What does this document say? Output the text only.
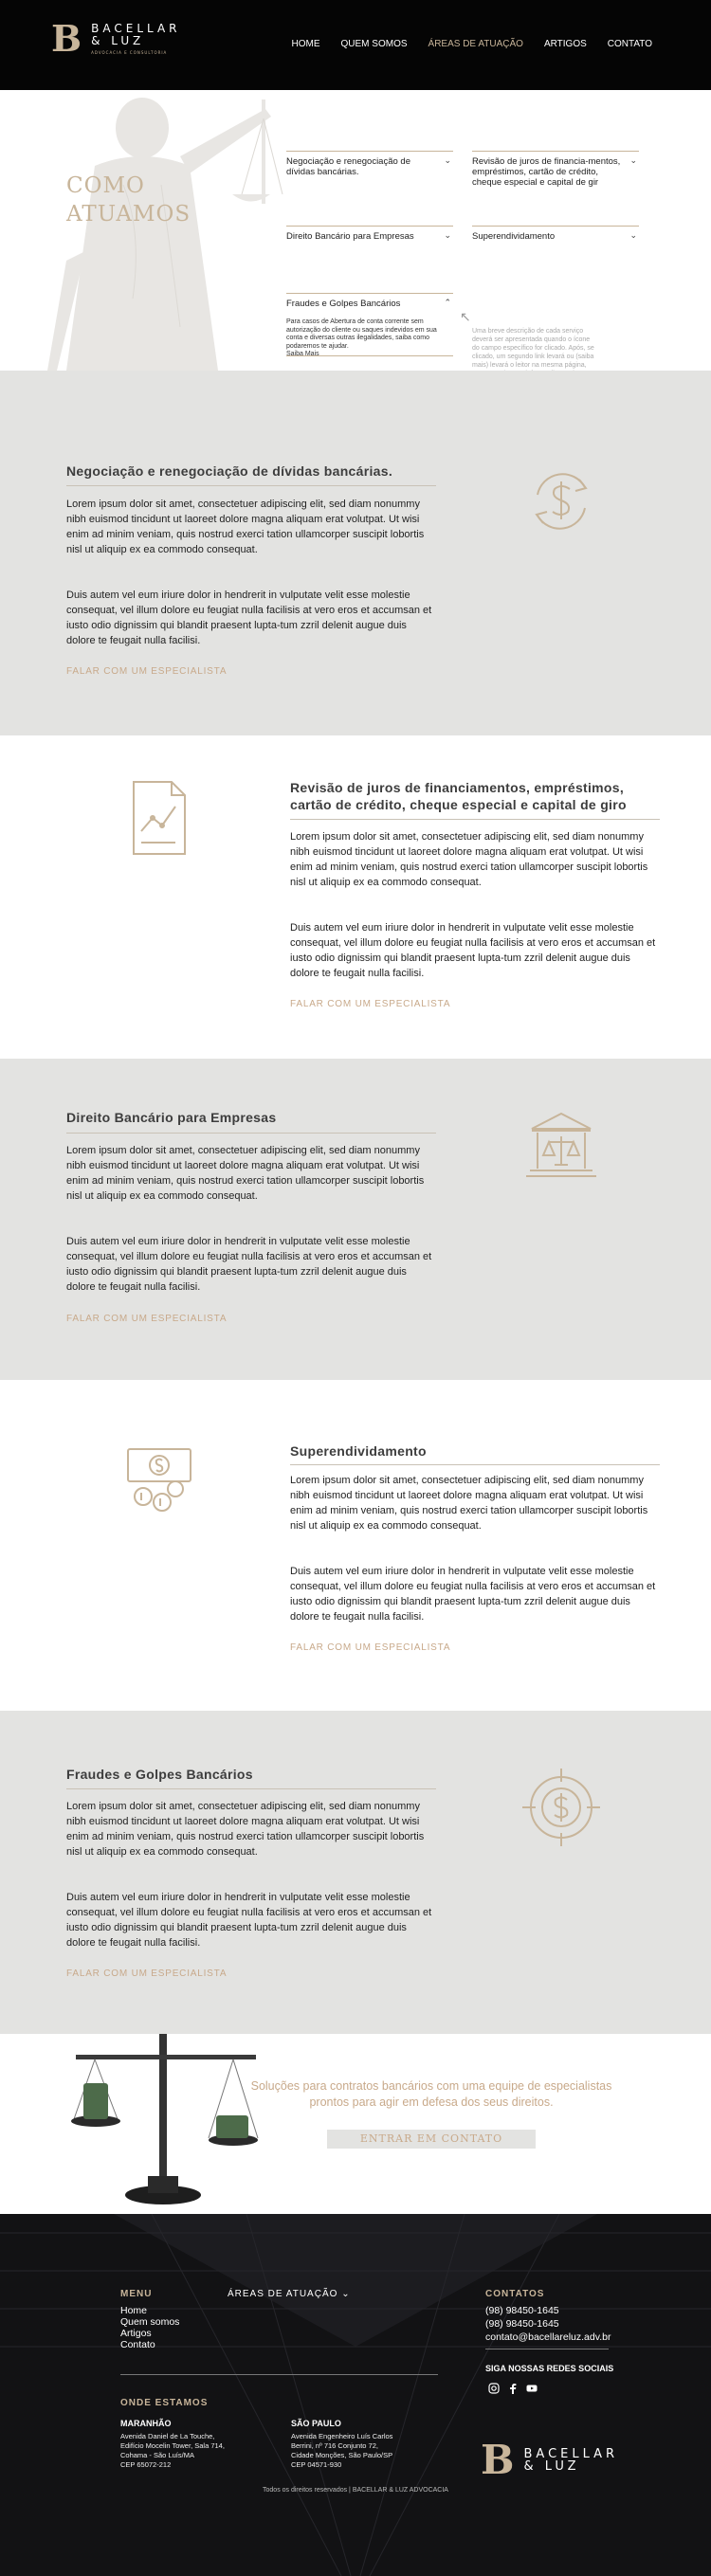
B BACELLAR
& LUZ
ADVOCACIA E CONSULTORIA
HOME QUEM SOMOS ÁREAS DE ATUAÇÃO ARTIGOS CONTATO
COMO
ATUAMOS
Negociação e renegociação de dívidas bancárias.
⌄ Revisão de juros de financia-mentos, empréstimos, cartão de crédito, cheque especial e capital de gir
⌄
Direito Bancário para Empresas	⌄ Superendividamento	⌄
Fraudes e Golpes Bancários	⌃
Para casos de Abertura de conta corrente sem autorização do cliente ou saques indevidos em sua conta e diversas outras ilegalidades, saiba como podaremos te ajudar.
Saiba Mais
↖
Uma breve descrição de cada serviço deverá ser apresentada quando o ícone do campo específico for clicado. Após, se clicado, um segundo link levará ou (saiba mais) levará o leitor na mesma página,
Negociação e renegociação de dívidas bancárias.
Lorem ipsum dolor sit amet, consectetuer adipiscing elit, sed diam nonummy nibh euismod tincidunt ut laoreet dolore magna aliquam erat volutpat. Ut wisi enim ad minim veniam, quis nostrud exerci tation ullamcorper suscipit lobortis nisl ut aliquip ex ea commodo consequat.
Duis autem vel eum iriure dolor in hendrerit in vulputate velit esse molestie consequat, vel illum dolore eu feugiat nulla facilisis at vero eros et accumsan et iusto odio dignissim qui blandit praesent lupta-tum zzril delenit augue duis dolore te feugait nulla facilisi.
FALAR COM UM ESPECIALISTA
Revisão de juros de financiamentos, empréstimos, cartão de crédito, cheque especial e capital de giro
Lorem ipsum dolor sit amet, consectetuer adipiscing elit, sed diam nonummy nibh euismod tincidunt ut laoreet dolore magna aliquam erat volutpat. Ut wisi enim ad minim veniam, quis nostrud exerci tation ullamcorper suscipit lobortis nisl ut aliquip ex ea commodo consequat.
Duis autem vel eum iriure dolor in hendrerit in vulputate velit esse molestie consequat, vel illum dolore eu feugiat nulla facilisis at vero eros et accumsan et iusto odio dignissim qui blandit praesent lupta-tum zzril delenit augue duis dolore te feugait nulla facilisi.
FALAR COM UM ESPECIALISTA
Direito Bancário para Empresas
Lorem ipsum dolor sit amet, consectetuer adipiscing elit, sed diam nonummy nibh euismod tincidunt ut laoreet dolore magna aliquam erat volutpat. Ut wisi enim ad minim veniam, quis nostrud exerci tation ullamcorper suscipit lobortis nisl ut aliquip ex ea commodo consequat.
Duis autem vel eum iriure dolor in hendrerit in vulputate velit esse molestie consequat, vel illum dolore eu feugiat nulla facilisis at vero eros et accumsan et iusto odio dignissim qui blandit praesent lupta-tum zzril delenit augue duis dolore te feugait nulla facilisi.
FALAR COM UM ESPECIALISTA
Superendividamento
Lorem ipsum dolor sit amet, consectetuer adipiscing elit, sed diam nonummy nibh euismod tincidunt ut laoreet dolore magna aliquam erat volutpat. Ut wisi enim ad minim veniam, quis nostrud exerci tation ullamcorper suscipit lobortis nisl ut aliquip ex ea commodo consequat.
Duis autem vel eum iriure dolor in hendrerit in vulputate velit esse molestie consequat, vel illum dolore eu feugiat nulla facilisis at vero eros et accumsan et iusto odio dignissim qui blandit praesent lupta-tum zzril delenit augue duis dolore te feugait nulla facilisi.
FALAR COM UM ESPECIALISTA
Fraudes e Golpes Bancários
Lorem ipsum dolor sit amet, consectetuer adipiscing elit, sed diam nonummy nibh euismod tincidunt ut laoreet dolore magna aliquam erat volutpat. Ut wisi enim ad minim veniam, quis nostrud exerci tation ullamcorper suscipit lobortis nisl ut aliquip ex ea commodo consequat.
Duis autem vel eum iriure dolor in hendrerit in vulputate velit esse molestie consequat, vel illum dolore eu feugiat nulla facilisis at vero eros et accumsan et iusto odio dignissim qui blandit praesent lupta-tum zzril delenit augue duis dolore te feugait nulla facilisi.
FALAR COM UM ESPECIALISTA
Soluções para contratos bancários com uma equipe de especialistas prontos para agir em defesa dos seus direitos.
ENTRAR EM CONTATO
MENU
Home
Quem somos
Artigos
Contato
ÁREAS DE ATUAÇÃO ⌄	CONTATOS
(98) 98450-1645
(98) 98450-1645
contato@bacellareluz.adv.br
SIGA NOSSAS REDES SOCIAIS
ONDE ESTAMOS
MARANHÃO
Avenida Daniel de La Touche,
Edifício Mocelin Tower, Sala 714,
Cohama - São Luís/MA
CEP 65072-212
SÃO PAULO
Avenida Engenheiro Luís Carlos
Berrini, nº 716 Conjunto 72,
Cidade Monções, São Paulo/SP
CEP 04571-930	B BACELLAR
& LUZ
Todos os direitos reservados | BACELLAR & LUZ ADVOCACIA
